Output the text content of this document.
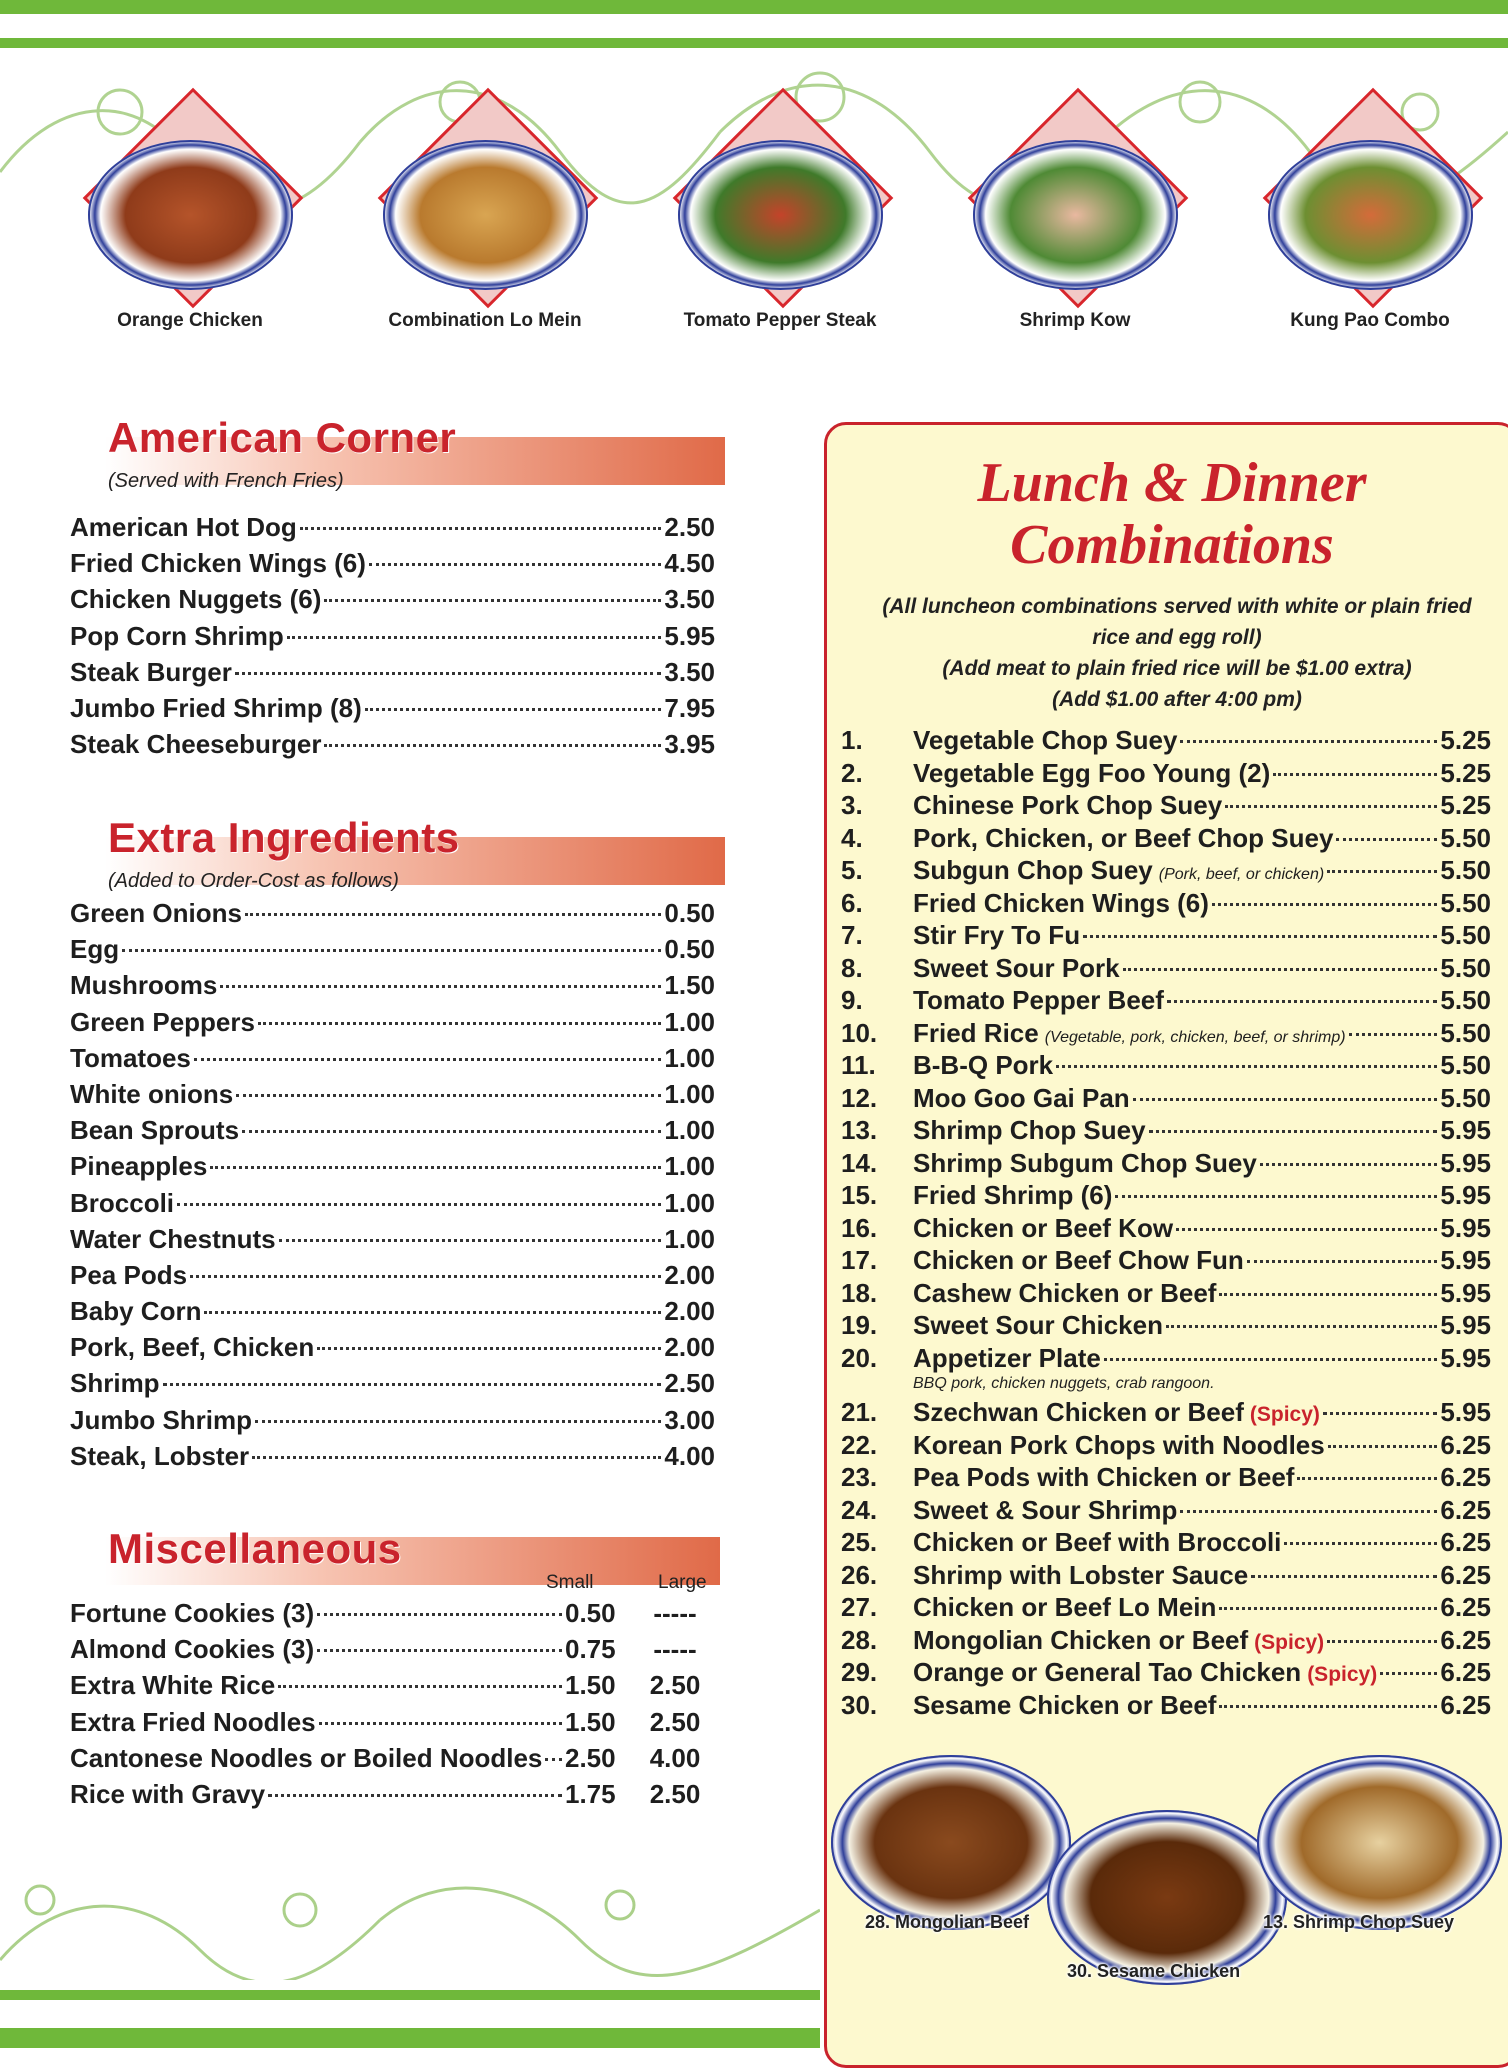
Orange Chicken	Combination Lo Mein	Tomato Pepper Steak	Shrimp Kow	Kung Pao Combo
American Corner
(Served with French Fries)
American Hot Dog	2.50
Fried Chicken Wings (6)	4.50
Chicken Nuggets (6)	3.50
Pop Corn Shrimp	5.95
Steak Burger	3.50
Jumbo Fried Shrimp (8)	7.95
Steak Cheeseburger	3.95
Extra Ingredients
(Added to Order-Cost as follows)
Green Onions	0.50
Egg	0.50
Mushrooms	1.50
Green Peppers	1.00
Tomatoes	1.00
White onions	1.00
Bean Sprouts	1.00
Pineapples	1.00
Broccoli	1.00
Water Chestnuts	1.00
Pea Pods	2.00
Baby Corn	2.00
Pork, Beef, Chicken	2.00
Shrimp	2.50
Jumbo Shrimp	3.00
Steak, Lobster	4.00
Miscellaneous
Small	Large
Fortune Cookies (3)	0.50	-----
Almond Cookies (3)	0.75	-----
Extra White Rice	1.50	2.50
Extra Fried Noodles	1.50	2.50
Cantonese Noodles or Boiled Noodles 2.50	4.00
Rice with Gravy	1.75	2.50
Lunch & Dinner
Combinations
(All luncheon combinations served with white or plain fried rice and egg roll)
(Add meat to plain fried rice will be $1.00 extra)
(Add $1.00 after 4:00 pm)
1.	Vegetable Chop Suey	5.25
2.	Vegetable Egg Foo Young (2)	5.25
3.	Chinese Pork Chop Suey	5.25
4.	Pork, Chicken, or Beef Chop Suey	5.50
5.	Subgun Chop Suey (Pork, beef, or chicken)	5.50
6.	Fried Chicken Wings (6)	5.50
7.	Stir Fry To Fu	5.50
8.	Sweet Sour Pork	5.50
9.	Tomato Pepper Beef	5.50
10.	Fried Rice (Vegetable, pork, chicken, beef, or shrimp)	5.50
11.	B-B-Q Pork	5.50
12.	Moo Goo Gai Pan	5.50
13.	Shrimp Chop Suey	5.95
14.	Shrimp Subgum Chop Suey	5.95
15.	Fried Shrimp (6)	5.95
16.	Chicken or Beef Kow	5.95
17.	Chicken or Beef Chow Fun	5.95
18.	Cashew Chicken or Beef	5.95
19.	Sweet Sour Chicken	5.95
20.	Appetizer Plate	5.95
BBQ pork, chicken nuggets, crab rangoon.
21.	Szechwan Chicken or Beef (Spicy)	5.95
22.	Korean Pork Chops with Noodles	6.25
23.	Pea Pods with Chicken or Beef	6.25
24.	Sweet & Sour Shrimp	6.25
25.	Chicken or Beef with Broccoli	6.25
26.	Shrimp with Lobster Sauce	6.25
27.	Chicken or Beef Lo Mein	6.25
28.	Mongolian Chicken or Beef (Spicy)	6.25
29.	Orange or General Tao Chicken (Spicy) 6.25
30.	Sesame Chicken or Beef	6.25
28. Mongolian Beef
30. Sesame Chicken
13. Shrimp Chop Suey
